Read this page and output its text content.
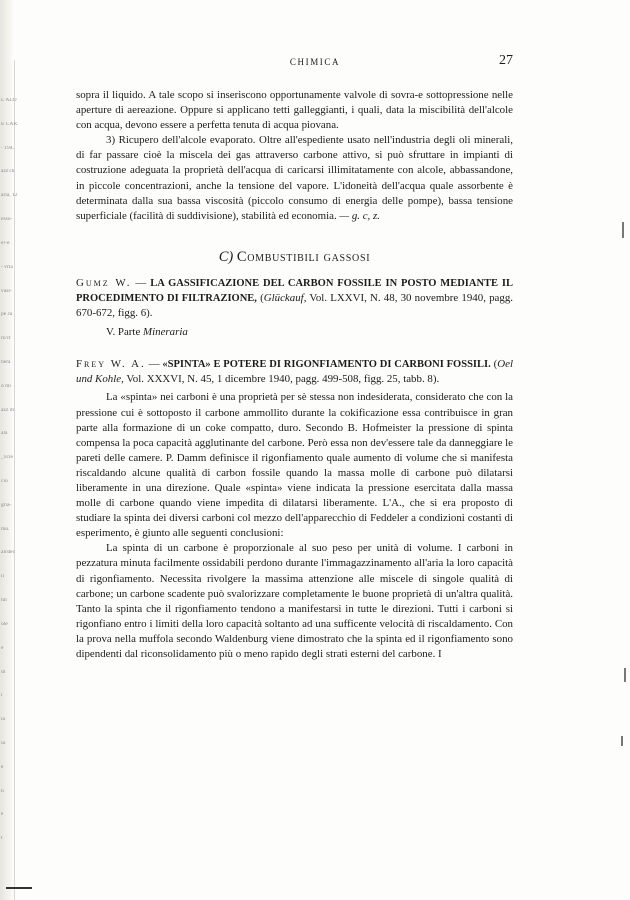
L'ALO
E CAR.
· 194.
azz'ch
aria, 12
esso-
e!-e
- vrla
vasr-
pe Ja
ru'cr
bera
ó mi
azz di
ala
_xcie
cio
gria-
mu.
alcdec
il
hil
ole
è
di
ì
ia
ui
è
h
e
t
CHIMICA	27

sopra il liquido. A tale scopo si inseriscono opportunamente valvole di sovra-e sottopressione nelle aperture di aereazione. Oppure si applicano tetti galleggianti, i quali, data la miscibilità dell'alcole con acqua, devono essere a perfetta tenuta di acqua piovana.

3) Ricupero dell'alcole evaporato. Oltre all'espediente usato nell'industria degli oli minerali, di far passare cioè la miscela dei gas attraverso carbone attivo, si può sfruttare in impianti di costruzione adeguata la proprietà dell'acqua di caricarsi illimitatamente con alcole, abbassandone, in piccole concentrazioni, anche la tensione del vapore. L'idoneità dell'acqua quale assorbente è determinata dalla sua bassa viscosità (piccolo consumo di energia delle pompe), bassa tensione superficiale (facilità di suddivisione), stabilità ed economia. — g. c, z.

C) Combustibili gassosi

Gumz W. — LA GASSIFICAZIONE DEL CARBON FOSSILE IN POSTO MEDIANTE IL PROCEDIMENTO DI FILTRAZIONE, (Glückauf, Vol. LXXVI, N. 48, 30 novembre 1940, pagg. 670-672, figg. 6).

V. Parte Mineraria

Frey W. A. — «SPINTA» E POTERE DI RIGONFIAMENTO DI CARBONI FOSSILI. (Oel und Kohle, Vol. XXXVI, N. 45, 1 dicembre 1940, pagg. 499-508, figg. 25, tabb. 8).

La «spinta» nei carboni è una proprietà per sè stessa non indesiderata, considerato che con la pressione cui è sottoposto il carbone ammollito durante la cokificazione essa contribuisce in gran parte alla formazione di un coke compatto, duro. Secondo B. Hofmeister la pressione di spinta compensa la poca capacità agglutinante del carbone. Però essa non dev'essere tale da danneggiare le pareti delle camere. P. Damm definisce il rigonfiamento quale aumento di volume che si manifesta riscaldando alcune qualità di carbon fossile quando la massa molle di carbone può dilatarsi liberamente in una direzione. Quale «spinta» viene indicata la pressione esercitata dalla massa molle di carbone quando viene impedita di dilatarsi liberamente. L'A., che si era proposto di studiare la spinta dei diversi carboni col mezzo dell'apparecchio di Feddeler a condizioni costanti di esperimento, è giunto alle seguenti conclusioni:

La spinta di un carbone è proporzionale al suo peso per unità di volume. I carboni in pezzatura minuta facilmente ossidabili perdono durante l'immagazzinamento all'aria la loro capacità di rigonfiamento. Necessita rivolgere la massima attenzione alle miscele di singole qualità di carbone; un carbone scadente può svalorizzare completamente le buone proprietà di un'altra qualità. Tanto la spinta che il rigonfiamento tendono a manifestarsi in tutte le direzioni. Tutti i carboni si rigonfiano entro i limiti della loro capacità soltanto ad una sufficente velocità di riscaldamento. Con la prova nella muffola secondo Waldenburg viene dimostrato che la spinta ed il rigonfiamento sono dipendenti dal riconsolidamento più o meno rapido degli strati esterni del carbone. I
